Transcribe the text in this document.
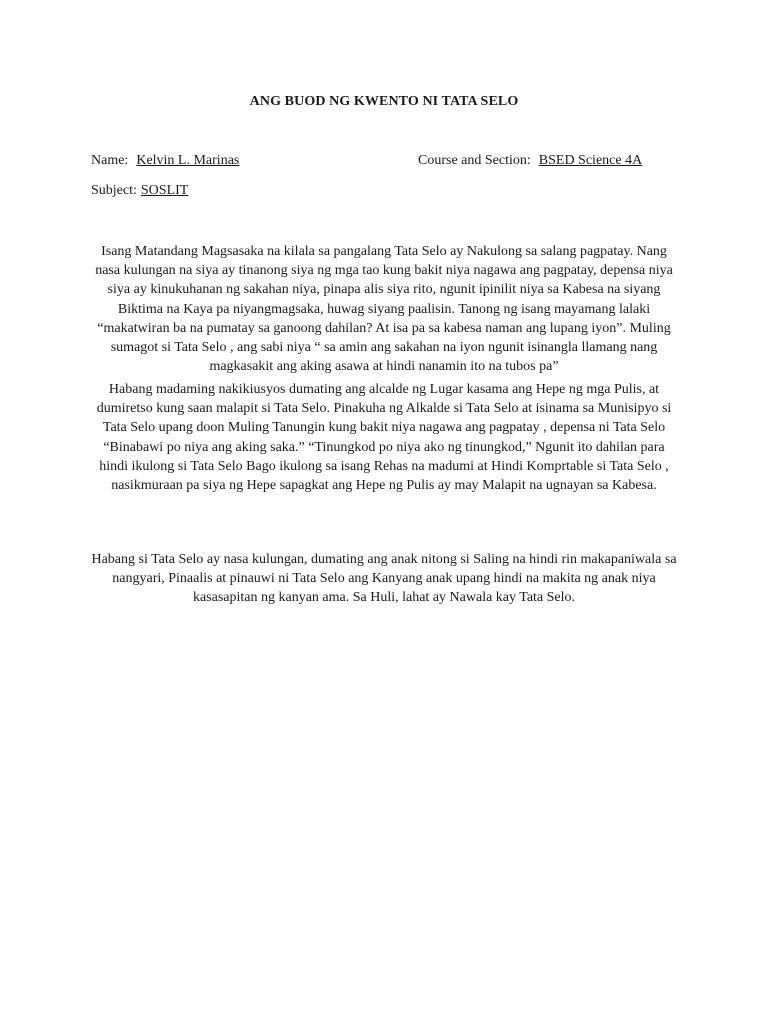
ANG BUOD NG KWENTO NI TATA SELO
Name: Kelvin L. Marinas	Course and Section: BSED Science 4A
Subject: SOSLIT

Isang Matandang Magsasaka na kilala sa pangalang Tata Selo ay Nakulong sa salang pagpatay. Nang nasa kulungan na siya ay tinanong siya ng mga tao kung bakit niya nagawa ang pagpatay, depensa niya siya ay kinukuhanan ng sakahan niya, pinapa alis siya rito, ngunit ipinilit niya sa Kabesa na siyang Biktima na Kaya pa niyangmagsaka, huwag siyang paalisin. Tanong ng isang mayamang lalaki “makatwiran ba na pumatay sa ganoong dahilan? At isa pa sa kabesa naman ang lupang iyon”. Muling sumagot si Tata Selo , ang sabi niya “ sa amin ang sakahan na iyon ngunit isinangla llamang nang magkasakit ang aking asawa at hindi nanamin ito na tubos pa”

Habang madaming nakikiusyos dumating ang alcalde ng Lugar kasama ang Hepe ng mga Pulis, at dumiretso kung saan malapit si Tata Selo. Pinakuha ng Alkalde si Tata Selo at isinama sa Munisipyo si Tata Selo upang doon Muling Tanungin kung bakit niya nagawa ang pagpatay , depensa ni Tata Selo “Binabawi po niya ang aking saka.” “Tinungkod po niya ako ng tinungkod,” Ngunit ito dahilan para hindi ikulong si Tata Selo Bago ikulong sa isang Rehas na madumi at Hindi Komprtable si Tata Selo , nasikmuraan pa siya ng Hepe sapagkat ang Hepe ng Pulis ay may Malapit na ugnayan sa Kabesa.

Habang si Tata Selo ay nasa kulungan, dumating ang anak nitong si Saling na hindi rin makapaniwala sa nangyari, Pinaalis at pinauwi ni Tata Selo ang Kanyang anak upang hindi na makita ng anak niya kasasapitan ng kanyan ama. Sa Huli, lahat ay Nawala kay Tata Selo.
